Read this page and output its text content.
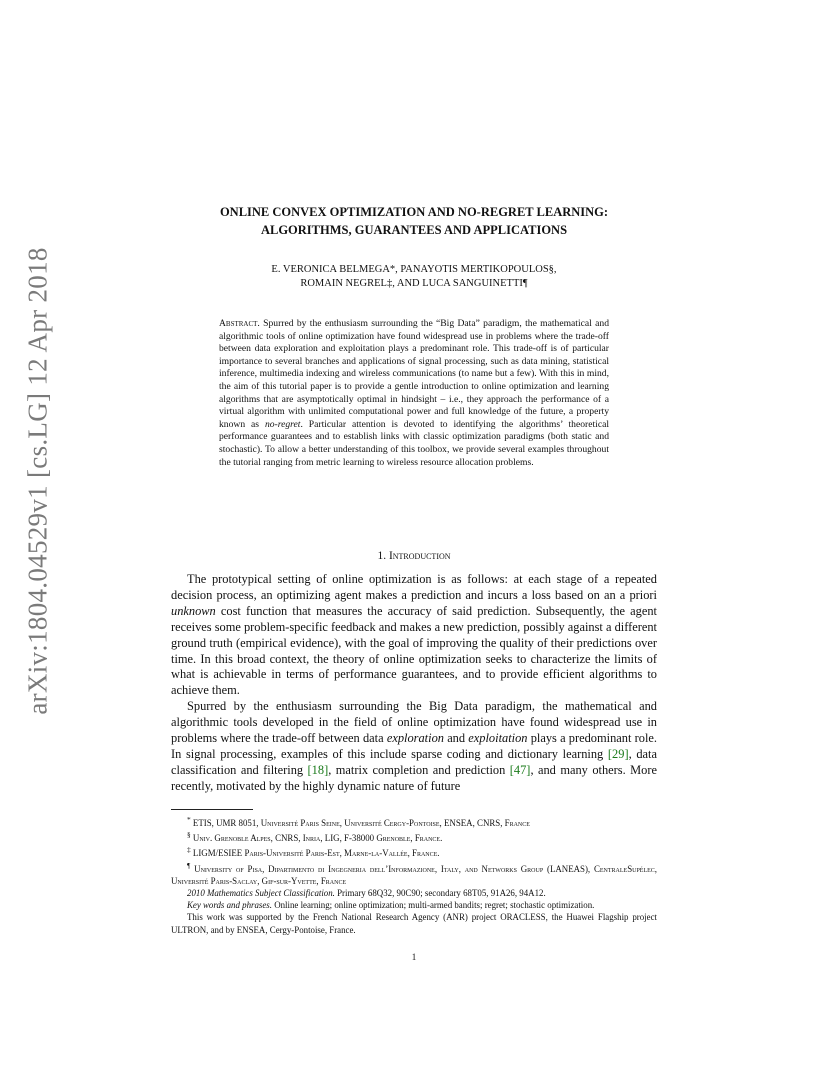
arXiv:1804.04529v1 [cs.LG] 12 Apr 2018
ONLINE CONVEX OPTIMIZATION AND NO-REGRET LEARNING:
ALGORITHMS, GUARANTEES AND APPLICATIONS
E. VERONICA BELMEGA*, PANAYOTIS MERTIKOPOULOS§,
ROMAIN NEGREL‡, AND LUCA SANGUINETTI¶
Abstract. Spurred by the enthusiasm surrounding the “Big Data” paradigm, the mathematical and algorithmic tools of online optimization have found widespread use in problems where the trade-off between data exploration and exploitation plays a predominant role. This trade-off is of particular importance to several branches and applications of signal processing, such as data mining, statistical inference, multimedia indexing and wireless communications (to name but a few). With this in mind, the aim of this tutorial paper is to provide a gentle introduction to online optimization and learning algorithms that are asymptotically optimal in hindsight – i.e., they approach the performance of a virtual algorithm with unlimited computational power and full knowledge of the future, a property known as no-regret. Particular attention is devoted to identifying the algorithms’ theoretical performance guarantees and to establish links with classic optimization paradigms (both static and stochastic). To allow a better understanding of this toolbox, we provide several examples throughout the tutorial ranging from metric learning to wireless resource allocation problems.
1. Introduction

The prototypical setting of online optimization is as follows: at each stage of a repeated decision process, an optimizing agent makes a prediction and incurs a loss based on an a priori unknown cost function that measures the accuracy of said prediction. Subsequently, the agent receives some problem-specific feedback and makes a new prediction, possibly against a different ground truth (empirical evidence), with the goal of improving the quality of their predictions over time. In this broad context, the theory of online optimization seeks to characterize the limits of what is achievable in terms of performance guarantees, and to provide efficient algorithms to achieve them.

Spurred by the enthusiasm surrounding the Big Data paradigm, the mathematical and algorithmic tools developed in the field of online optimization have found widespread use in problems where the trade-off between data exploration and exploitation plays a predominant role. In signal processing, examples of this include sparse coding and dictionary learning [29], data classification and filtering [18], matrix completion and prediction [47], and many others. More recently, motivated by the highly dynamic nature of future

* ETIS, UMR 8051, Université Paris Seine, Université Cergy-Pontoise, ENSEA, CNRS, France

§ Univ. Grenoble Alpes, CNRS, Inria, LIG, F-38000 Grenoble, France.

‡ LIGM/ESIEE Paris-Université Paris-Est, Marne-la-Vallée, France.

¶ University of Pisa, Dipartimento di Ingegneria dell’Informazione, Italy, and Networks Group (LANEAS), CentraleSupélec, Université Paris-Saclay, Gif-sur-Yvette, France

2010 Mathematics Subject Classification. Primary 68Q32, 90C90; secondary 68T05, 91A26, 94A12.

Key words and phrases. Online learning; online optimization; multi-armed bandits; regret; stochastic optimization.

This work was supported by the French National Research Agency (ANR) project ORACLESS, the Huawei Flagship project ULTRON, and by ENSEA, Cergy-Pontoise, France.

1
